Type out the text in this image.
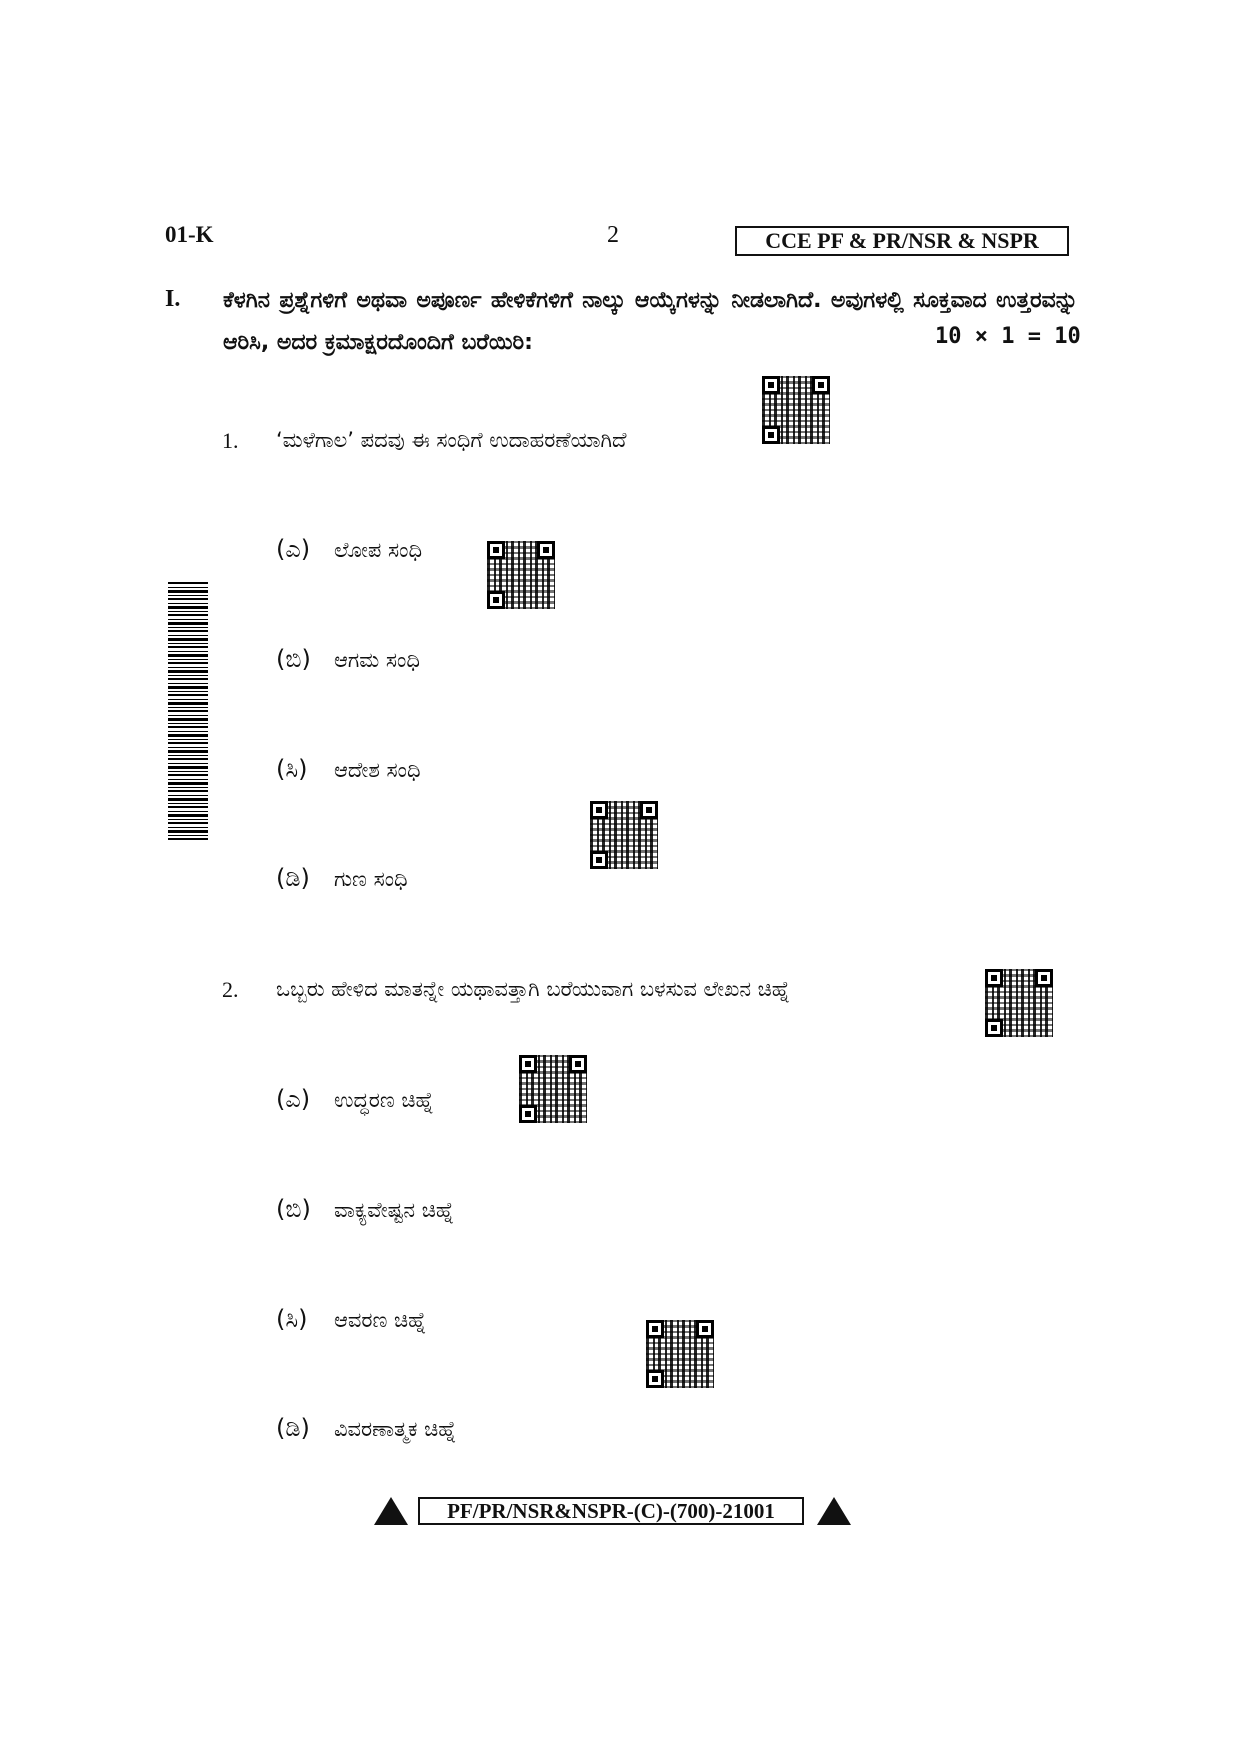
01-K	2	CCE PF & PR/NSR & NSPR
I. ಕೆಳಗಿನ ಪ್ರಶ್ನೆಗಳಿಗೆ ಅಥವಾ ಅಪೂರ್ಣ ಹೇಳಿಕೆಗಳಿಗೆ ನಾಲ್ಕು ಆಯ್ಕೆಗಳನ್ನು ನೀಡಲಾಗಿದೆ. ಅವುಗಳಲ್ಲಿ ಸೂಕ್ತವಾದ ಉತ್ತರವನ್ನು ಆರಿಸಿ, ಅದರ ಕ್ರಮಾಕ್ಷರದೊಂದಿಗೆ ಬರೆಯಿರಿ:	10 × 1 = 10
1. ‘ಮಳೆಗಾಲ’ ಪದವು ಈ ಸಂಧಿಗೆ ಉದಾಹರಣೆಯಾಗಿದೆ
(ಎ) ಲೋಪ ಸಂಧಿ
(ಬಿ) ಆಗಮ ಸಂಧಿ
(ಸಿ) ಆದೇಶ ಸಂಧಿ
(ಡಿ) ಗುಣ ಸಂಧಿ
2. ಒಬ್ಬರು ಹೇಳಿದ ಮಾತನ್ನೇ ಯಥಾವತ್ತಾಗಿ ಬರೆಯುವಾಗ ಬಳಸುವ ಲೇಖನ ಚಿಹ್ನೆ
(ಎ) ಉದ್ಧರಣ ಚಿಹ್ನೆ
(ಬಿ) ವಾಕ್ಯವೇಷ್ಟನ ಚಿಹ್ನೆ
(ಸಿ) ಆವರಣ ಚಿಹ್ನೆ
(ಡಿ) ವಿವರಣಾತ್ಮಕ ಚಿಹ್ನೆ
PF/PR/NSR&NSPR-(C)-(700)-21001
